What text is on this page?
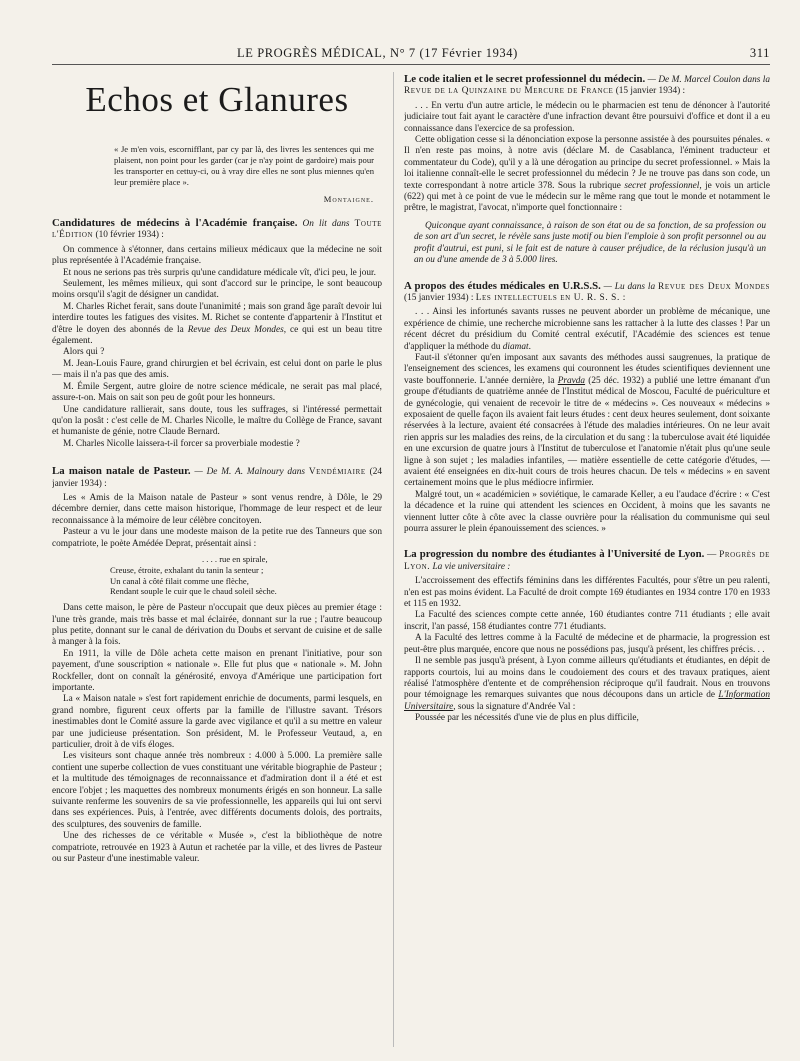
LE PROGRÈS MÉDICAL, N° 7 (17 Février 1934)	311
Echos et Glanures
« Je m'en vois, escornifflant, par cy par là, des livres les sentences qui me plaisent, non point pour les garder (car je n'ay point de gardoire) mais pour les transporter en cettuy-ci, ou à vray dire elles ne sont plus miennes qu'en leur première place ».
Montaigne.

Candidatures de médecins à l'Académie française. On lit dans Toute l'Édition (10 février 1934) :

On commence à s'étonner, dans certains milieux médicaux que la médecine ne soit plus représentée à l'Académie française.

Et nous ne serions pas très surpris qu'une candidature médicale vît, d'ici peu, le jour.

Seulement, les mêmes milieux, qui sont d'accord sur le principe, le sont beaucoup moins orsqu'il s'agit de désigner un candidat.

M. Charles Richet ferait, sans doute l'unanimité ; mais son grand âge paraît devoir lui interdire toutes les fatigues des visites. M. Richet se contente d'appartenir à l'Institut et d'être le doyen des abonnés de la Revue des Deux Mondes, ce qui est un beau titre également.

Alors qui ?

M. Jean-Louis Faure, grand chirurgien et bel écrivain, est celui dont on parle le plus — mais il n'a pas que des amis.

M. Émile Sergent, autre gloire de notre science médicale, ne serait pas mal placé, assure-t-on. Mais on sait son peu de goût pour les honneurs.

Une candidature rallierait, sans doute, tous les suffrages, si l'intéressé permettait qu'on la posât : c'est celle de M. Charles Nicolle, le maître du Collège de France, savant et humaniste de génie, notre Claude Bernard.

M. Charles Nicolle laissera-t-il forcer sa proverbiale modestie ?

La maison natale de Pasteur. — De M. A. Malnoury dans Vendémiaire (24 janvier 1934) :

Les « Amis de la Maison natale de Pasteur » sont venus rendre, à Dôle, le 29 décembre dernier, dans cette maison historique, l'hommage de leur respect et de leur reconnaissance à la mémoire de leur célèbre concitoyen.

Pasteur a vu le jour dans une modeste maison de la petite rue des Tanneurs que son compatriote, le poète Amédée Deprat, présentait ainsi :

. . . . rue en spirale,
Creuse, étroite, exhalant du tanin la senteur ;
Un canal à côté filait comme une flèche,
Rendant souple le cuir que le chaud soleil sèche.

Dans cette maison, le père de Pasteur n'occupait que deux pièces au premier étage : l'une très grande, mais très basse et mal éclairée, donnant sur la rue ; l'autre beaucoup plus petite, donnant sur le canal de dérivation du Doubs et servant de cuisine et de salle à manger à la fois.

En 1911, la ville de Dôle acheta cette maison en prenant l'initiative, pour son payement, d'une souscription « nationale ». Elle fut plus que « nationale ». M. John Rockfeller, dont on connaît la générosité, envoya d'Amérique une participation fort importante.

La « Maison natale » s'est fort rapidement enrichie de documents, parmi lesquels, en grand nombre, figurent ceux offerts par la famille de l'illustre savant. Trésors inestimables dont le Comité assure la garde avec vigilance et qu'il a su mettre en valeur par une judicieuse présentation. Son président, M. le Professeur Veutaud, a, en particulier, droit à de vifs éloges.

Les visiteurs sont chaque année très nombreux : 4.000 à 5.000. La première salle contient une superbe collection de vues constituant une véritable biographie de Pasteur ; et la multitude des témoignages de reconnaissance et d'admiration dont il a été et est encore l'objet ; les maquettes des nombreux monuments érigés en son honneur. La salle suivante renferme les souvenirs de sa vie professionnelle, les appareils qui lui ont servi dans ses expériences. Puis, à l'entrée, avec différents documents dolois, des portraits, des sculptures, des souvenirs de famille.

Une des richesses de ce véritable « Musée », c'est la bibliothèque de notre compatriote, retrouvée en 1923 à Autun et rachetée par la ville, et des livres de Pasteur ou sur Pasteur d'une inestimable valeur.

Le code italien et le secret professionnel du médecin. — De M. Marcel Coulon dans la Revue de la Quinzaine du Mercure de France (15 janvier 1934) :

. . . En vertu d'un autre article, le médecin ou le pharmacien est tenu de dénoncer à l'autorité judiciaire tout fait ayant le caractère d'une infraction devant être poursuivi d'office et dont il a eu connaissance dans l'exercice de sa profession.

Cette obligation cesse si la dénonciation expose la personne assistée à des poursuites pénales. « Il n'en reste pas moins, à notre avis (déclare M. de Casablanca, l'éminent traducteur et commentateur du Code), qu'il y a là une dérogation au principe du secret professionnel. » Mais la loi italienne connaît-elle le secret professionnel du médecin ? Je ne trouve pas dans son code, un texte correspondant à notre article 378. Sous la rubrique secret professionnel, je vois un article (622) qui met à ce point de vue le médecin sur le même rang que tout le monde et notamment le prêtre, le magistrat, l'avocat, n'importe quel fonctionnaire :

Quiconque ayant connaissance, à raison de son état ou de sa fonction, de sa profession ou de son art d'un secret, le révèle sans juste motif ou bien l'emploie à son profit personnel ou au profit d'autrui, est puni, si le fait est de nature à causer préjudice, de la réclusion jusqu'à un an ou d'une amende de 3 à 5.000 lires.

A propos des études médicales en U.R.S.S. — Lu dans la Revue des Deux Mondes (15 janvier 1934) : Les intellectuels en U. R. S. S. :

. . . Ainsi les infortunés savants russes ne peuvent aborder un problème de mécanique, une expérience de chimie, une recherche microbienne sans les rattacher à la lutte des classes ! Par un récent décret du présidium du Comité central exécutif, l'Académie des sciences est tenue d'appliquer la méthode du diamat.

Faut-il s'étonner qu'en imposant aux savants des méthodes aussi saugrenues, la pratique de l'enseignement des sciences, les examens qui couronnent les études scientifiques deviennent une vaste bouffonnerie. L'année dernière, la Pravda (25 déc. 1932) a publié une lettre émanant d'un groupe d'étudiants de quatrième année de l'Institut médical de Moscou, Faculté de puériculture et de gynécologie, qui venaient de recevoir le titre de « médecins ». Ces nouveaux « médecins » exposaient de quelle façon ils avaient fait leurs études : cent deux heures seulement, dont soixante réservées à la lecture, avaient été consacrées à l'étude des maladies intérieures. On ne leur avait rien appris sur les maladies des reins, de la circulation et du sang : la tuberculose avait été liquidée en une excursion de quatre jours à l'Institut de tuberculose et l'anatomie n'était plus qu'une seule ligne à son sujet ; les maladies infantiles, — matière essentielle de cette catégorie d'études, — avaient été enseignées en dix-huit cours de trois heures chacun. De tels « médecins » en savent certainement moins que le plus médiocre infirmier.

Malgré tout, un « académicien » soviétique, le camarade Keller, a eu l'audace d'écrire : « C'est la décadence et la ruine qui attendent les sciences en Occident, à moins que les savants ne viennent lutter côte à côte avec la classe ouvrière pour la réalisation du communisme qui seul pourra assurer le plein épanouissement des sciences. »

La progression du nombre des étudiantes à l'Université de Lyon. — Progrès de Lyon. La vie universitaire :

L'accroissement des effectifs féminins dans les différentes Facultés, pour s'être un peu ralenti, n'en est pas moins évident. La Faculté de droit compte 169 étudiantes en 1934 contre 170 en 1933 et 115 en 1932.

La Faculté des sciences compte cette année, 160 étudiantes contre 711 étudiants ; elle avait inscrit, l'an passé, 158 étudiantes contre 771 étudiants.

A la Faculté des lettres comme à la Faculté de médecine et de pharmacie, la progression est peut-être plus marquée, encore que nous ne possédions pas, jusqu'à présent, les chiffres précis. . .

Il ne semble pas jusqu'à présent, à Lyon comme ailleurs qu'étudiants et étudiantes, en dépit de rapports courtois, lui au moins dans le coudoiement des cours et des travaux pratiques, aient réalisé l'atmosphère d'entente et de compréhension réciproque qu'il faudrait. Nous en trouvons pour témoignage les remarques suivantes que nous découpons dans un article de L'Information Universitaire, sous la signature d'Andrée Val :

Poussée par les nécessités d'une vie de plus en plus difficile,
